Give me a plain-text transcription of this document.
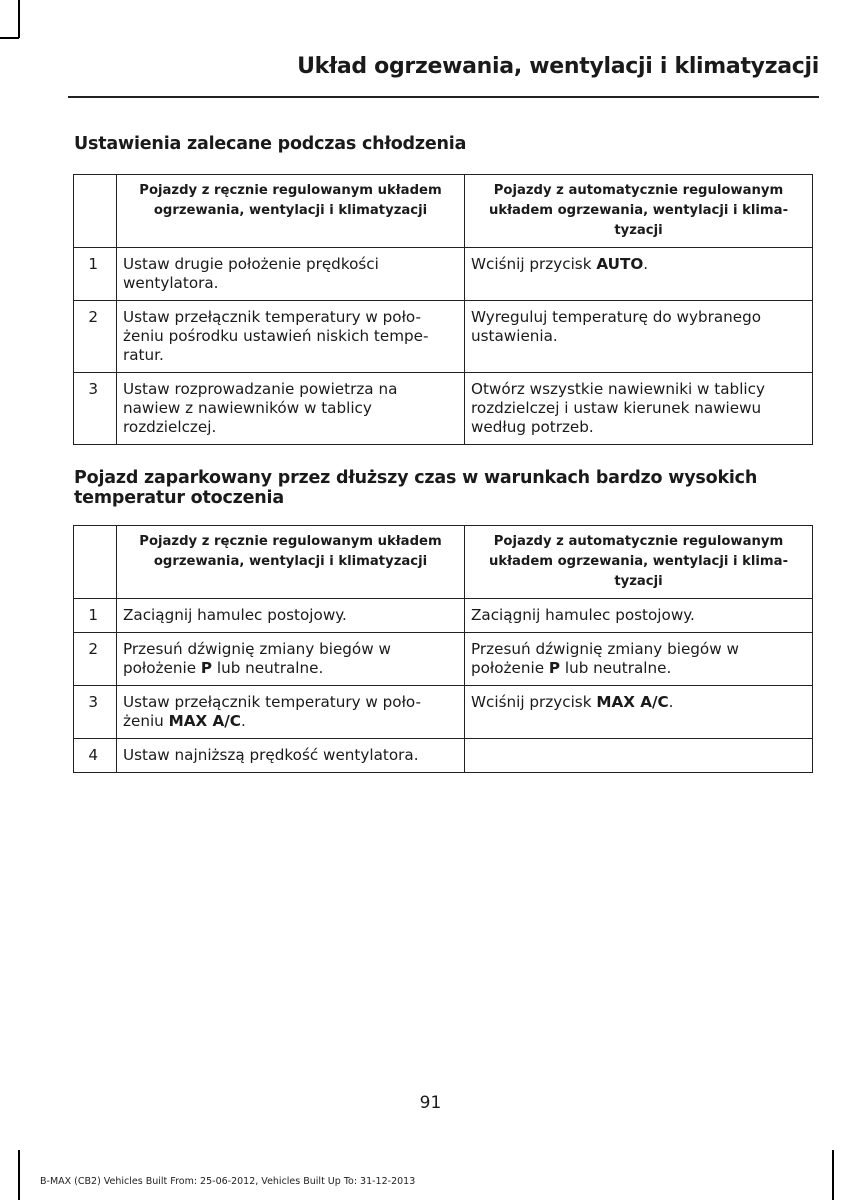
Układ ogrzewania, wentylacji i klimatyzacji
Ustawienia zalecane podczas chłodzenia
	Pojazdy z ręcznie regulowanym układem ogrzewania, wentylacji i klimatyzacji	Pojazdy z automatycznie regulowanym układem ogrzewania, wentylacji i klima-tyzacji
1	Ustaw drugie położenie prędkości wentylatora.	Wciśnij przycisk AUTO.
2	Ustaw przełącznik temperatury w poło-żeniu pośrodku ustawień niskich tempe-ratur.	Wyreguluj temperaturę do wybranego ustawienia.
3	Ustaw rozprowadzanie powietrza na nawiew z nawiewników w tablicy rozdzielczej.	Otwórz wszystkie nawiewniki w tablicy rozdzielczej i ustaw kierunek nawiewu według potrzeb.
Pojazd zaparkowany przez dłuższy czas w warunkach bardzo wysokich temperatur otoczenia
	Pojazdy z ręcznie regulowanym układem ogrzewania, wentylacji i klimatyzacji	Pojazdy z automatycznie regulowanym układem ogrzewania, wentylacji i klima-tyzacji
1	Zaciągnij hamulec postojowy.	Zaciągnij hamulec postojowy.
2	Przesuń dźwignię zmiany biegów w położenie P lub neutralne.	Przesuń dźwignię zmiany biegów w położenie P lub neutralne.
3	Ustaw przełącznik temperatury w poło-żeniu MAX A/C.	Wciśnij przycisk MAX A/C.
4	Ustaw najniższą prędkość wentylatora.	
91
B-MAX (CB2) Vehicles Built From: 25-06-2012, Vehicles Built Up To: 31-12-2013
